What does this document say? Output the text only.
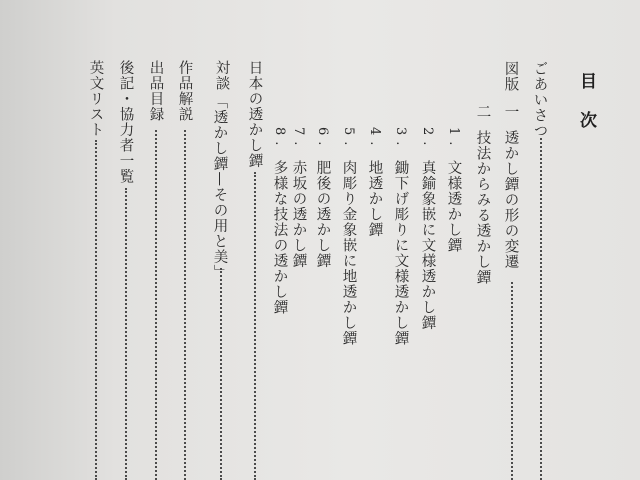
目次
ごあいさつ
図版
一
透かし鐔の形の変遷
二
技法からみる透かし鐔
1.
文様透かし鐔
2.
真鍮象嵌に文様透かし鐔
3.
鋤下げ彫りに文様透かし鐔
4.
地透かし鐔
5.
肉彫り金象嵌に地透かし鐔
6.
肥後の透かし鐔
7.
赤坂の透かし鐔
8.
多様な技法の透かし鐔
日本の透かし鐔
対談
「透かし鐔—その用と美」
作品解説
出品目録
後記・協力者一覧
英文リスト
